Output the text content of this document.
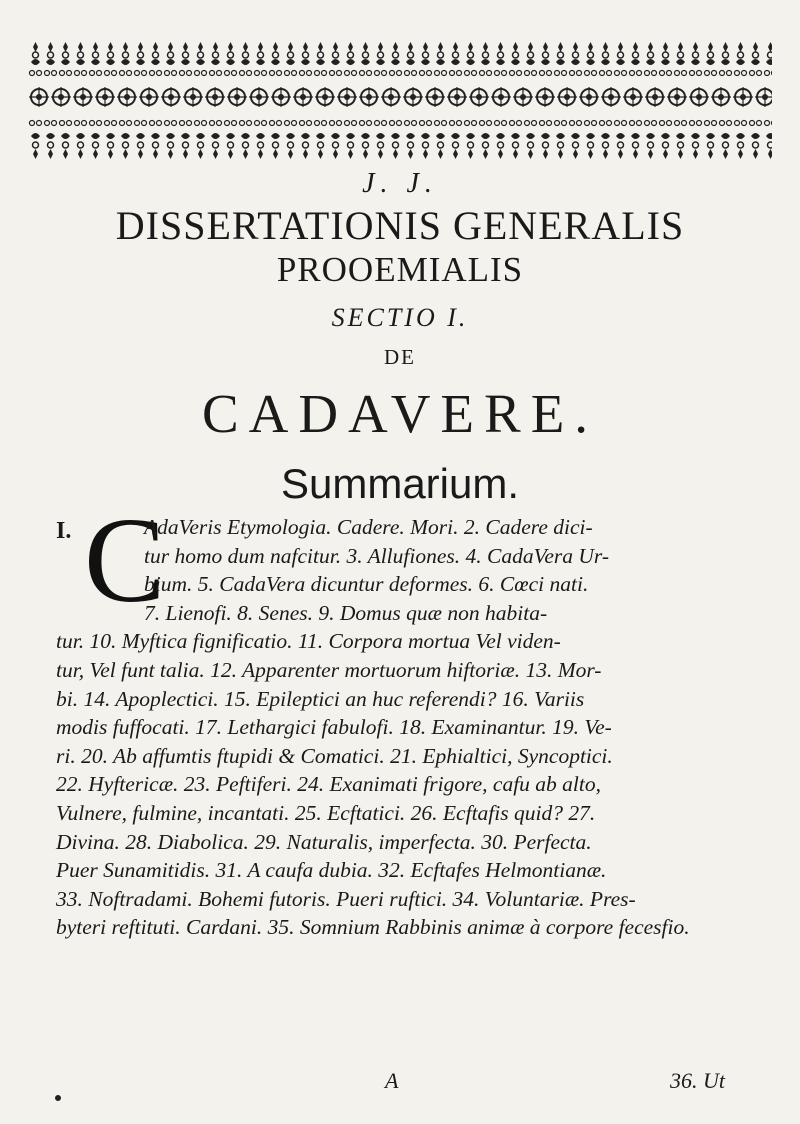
J. J.
DISSERTATIONIS GENERALIS
PROOEMIALIS
SECTIO I.
DE
CADAVERE.
Summarium.
I. C
AdaVeris Etymologia. Cadere. Mori. 2. Cadere dici-
tur homo dum nafcitur. 3. Allufiones. 4. CadaVera Ur-
bium. 5. CadaVera dicuntur deformes. 6. Cœci nati.
7. Lienofi. 8. Senes. 9. Domus quæ non habita-
tur. 10. Myftica fignificatio. 11. Corpora mortua Vel viden-
tur, Vel funt talia. 12. Apparenter mortuorum hiftoriæ. 13. Mor-
bi. 14. Apoplectici. 15. Epileptici an huc referendi? 16. Variis
modis fuffocati. 17. Lethargici fabulofi. 18. Examinantur. 19. Ve-
ri. 20. Ab affumtis ftupidi & Comatici. 21. Ephialtici, Syncoptici.
22. Hyftericæ. 23. Peftiferi. 24. Exanimati frigore, cafu ab alto,
Vulnere, fulmine, incantati. 25. Ecftatici. 26. Ecftafis quid? 27.
Divina. 28. Diabolica. 29. Naturalis, imperfecta. 30. Perfecta.
Puer Sunamitidis. 31. A caufa dubia. 32. Ecftafes Helmontianæ.
33. Noftradami. Bohemi futoris. Pueri ruftici. 34. Voluntariæ. Pres-
byteri reftituti. Cardani. 35. Somnium Rabbinis animæ à corpore fecesfio.
A	36. Ut
